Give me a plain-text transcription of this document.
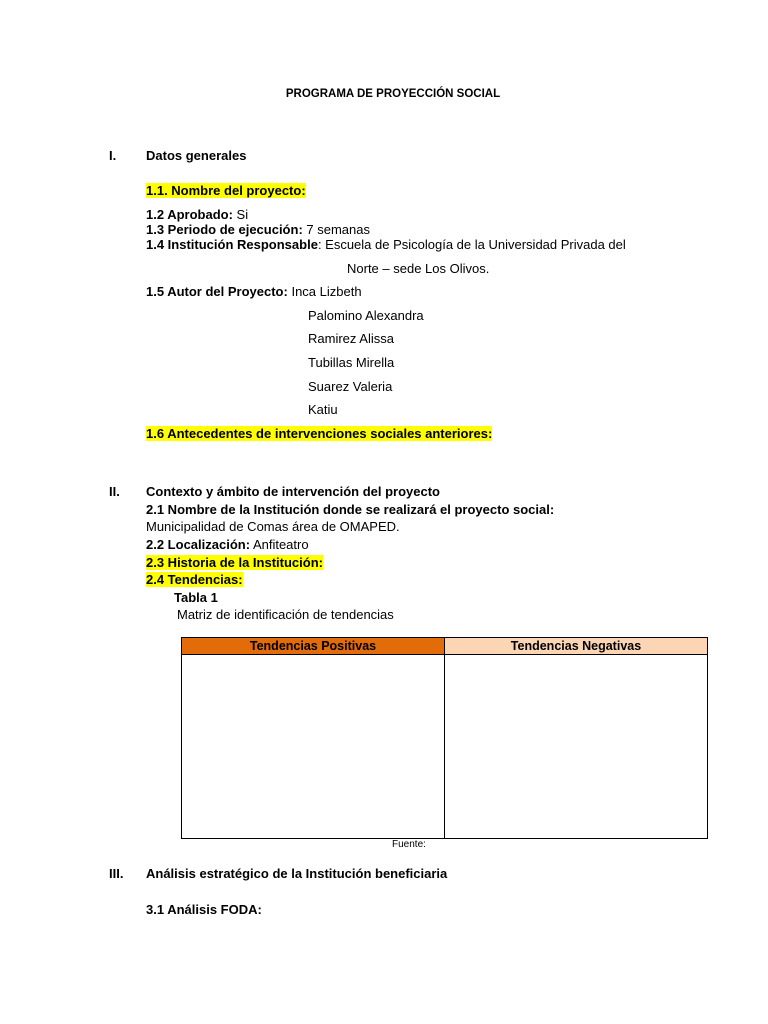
PROGRAMA DE PROYECCIÓN SOCIAL
I. Datos generales
1.1. Nombre del proyecto:
1.2 Aprobado: Si
1.3 Periodo de ejecución: 7 semanas
1.4 Institución Responsable: Escuela de Psicología de la Universidad Privada del
Norte – sede Los Olivos.
1.5 Autor del Proyecto: Inca Lizbeth
Palomino Alexandra
Ramirez Alissa
Tubillas Mirella
Suarez Valeria
Katiu
1.6 Antecedentes de intervenciones sociales anteriores:
II. Contexto y ámbito de intervención del proyecto
2.1 Nombre de la Institución donde se realizará el proyecto social:
Municipalidad de Comas área de OMAPED.
2.2 Localización: Anfiteatro
2.3 Historia de la Institución:
2.4 Tendencias:
Tabla 1
Matriz de identificación de tendencias
Tendencias Positivas	Tendencias Negativas

Fuente:
III. Análisis estratégico de la Institución beneficiaria
3.1 Análisis FODA:
